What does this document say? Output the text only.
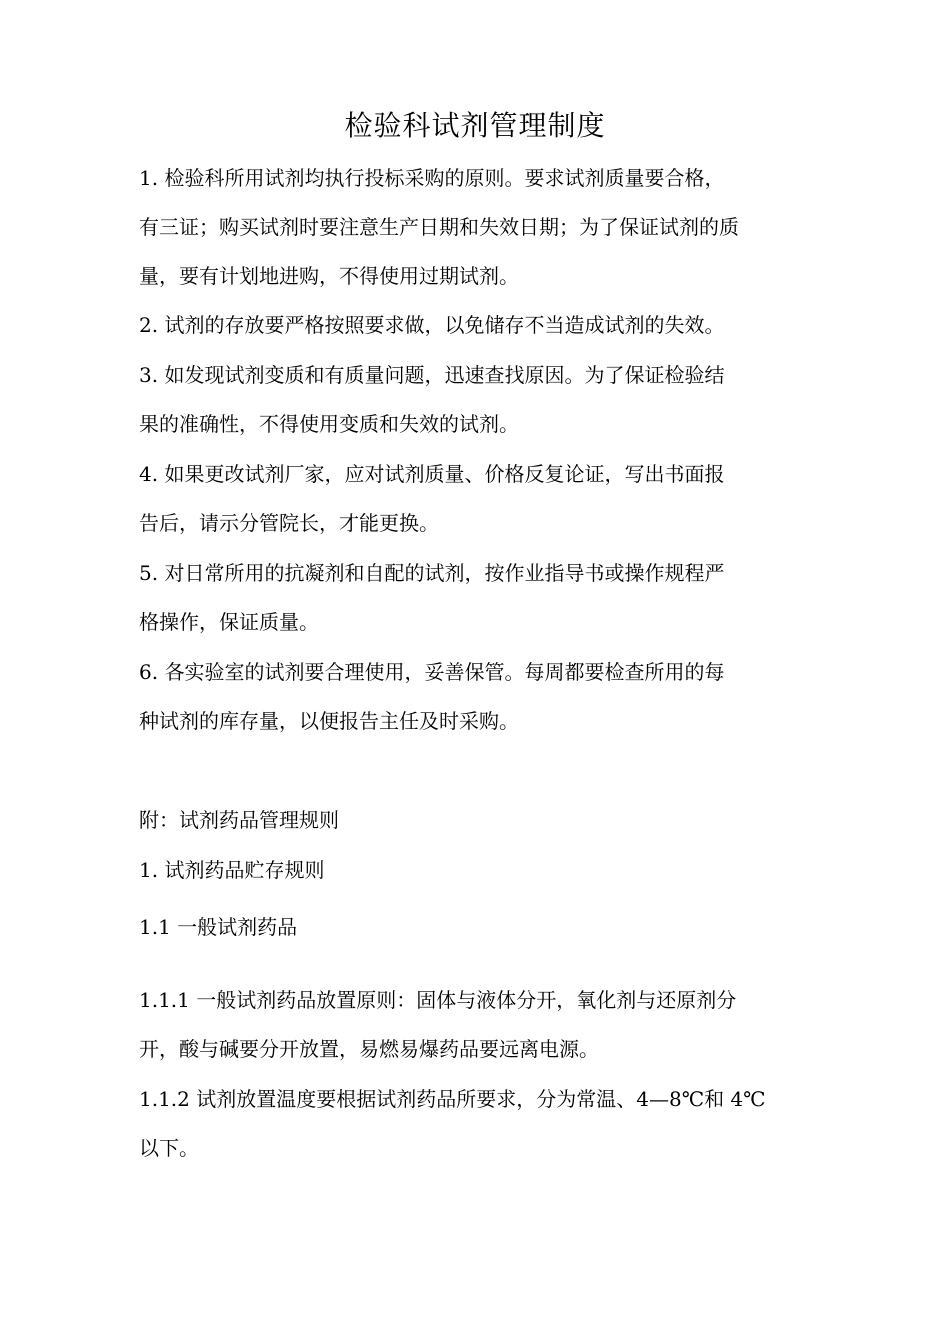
检验科试剂管理制度

1. 检验科所用试剂均执行投标采购的原则。要求试剂质量要合格，

有三证；购买试剂时要注意生产日期和失效日期；为了保证试剂的质

量，要有计划地进购，不得使用过期试剂。

2. 试剂的存放要严格按照要求做，以免储存不当造成试剂的失效。

3. 如发现试剂变质和有质量问题，迅速查找原因。为了保证检验结

果的准确性，不得使用变质和失效的试剂。

4. 如果更改试剂厂家，应对试剂质量、价格反复论证，写出书面报

告后，请示分管院长，才能更换。

5. 对日常所用的抗凝剂和自配的试剂，按作业指导书或操作规程严

格操作，保证质量。

6. 各实验室的试剂要合理使用，妥善保管。每周都要检查所用的每

种试剂的库存量，以便报告主任及时采购。

附：试剂药品管理规则

1. 试剂药品贮存规则

1.1 一般试剂药品

1.1.1 一般试剂药品放置原则：固体与液体分开，氧化剂与还原剂分

开，酸与碱要分开放置，易燃易爆药品要远离电源。

1.1.2 试剂放置温度要根据试剂药品所要求，分为常温、4—8℃和 4℃

以下。
